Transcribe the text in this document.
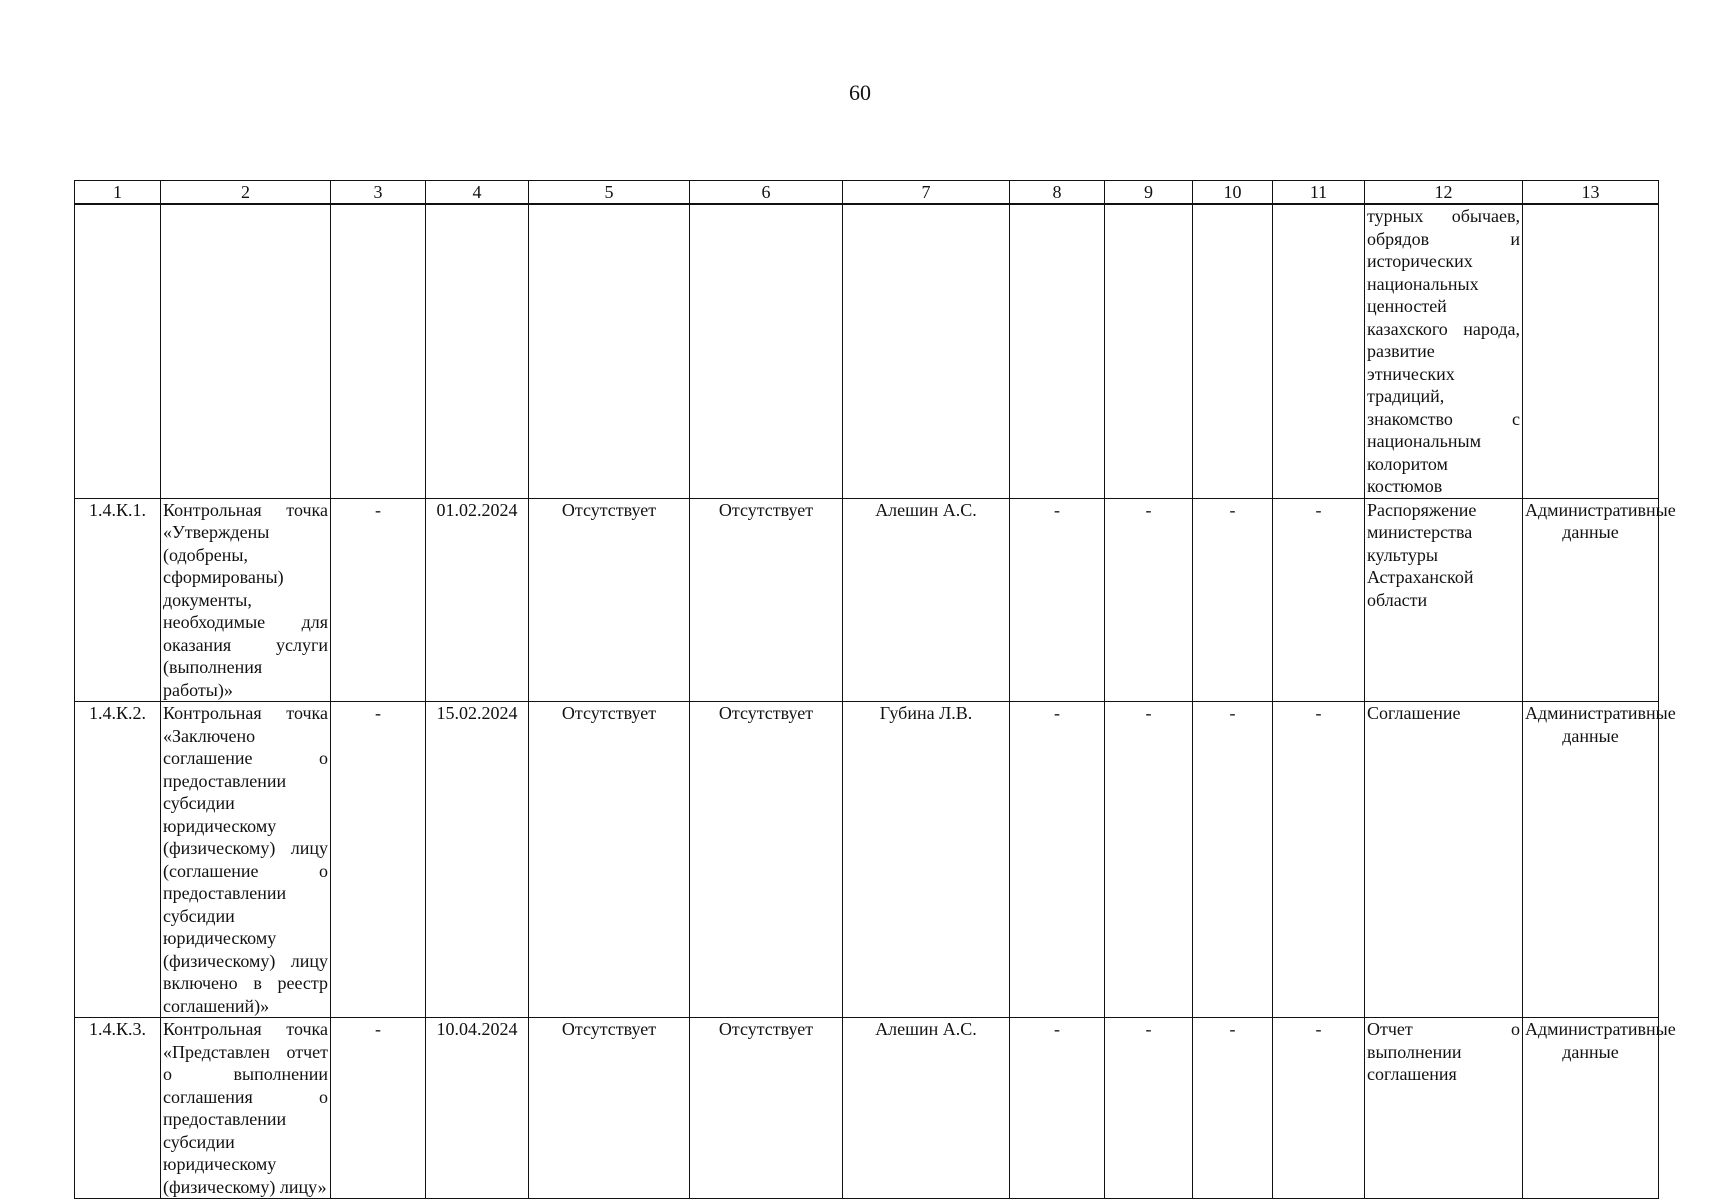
60
1	2	3	4	5	6	7	8	9	10	11	12	13
											турных обычаев, обрядов и исторических национальных ценностей казахского народа, развитие этнических традиций, знакомство с национальным колоритом костюмов	
1.4.К.1.	Контрольная точка «Утверждены (одобрены, сформированы) документы, необходимые для оказания услуги (выполнения работы)»	-	01.02.2024	Отсутствует	Отсутствует	Алешин А.С.	-	-	-	-	Распоряжение министерства культуры Астраханской области	Административные данные
1.4.К.2.	Контрольная точка «Заключено соглашение о предоставлении субсидии юридическому (физическому) лицу (соглашение о предоставлении субсидии юридическому (физическому) лицу включено в реестр соглашений)»	-	15.02.2024	Отсутствует	Отсутствует	Губина Л.В.	-	-	-	-	Соглашение	Административные данные
1.4.К.3.	Контрольная точка «Представлен отчет о выполнении соглашения о предоставлении субсидии юридическому (физическому) лицу»	-	10.04.2024	Отсутствует	Отсутствует	Алешин А.С.	-	-	-	-	Отчет о выполнении соглашения	Административные данные
